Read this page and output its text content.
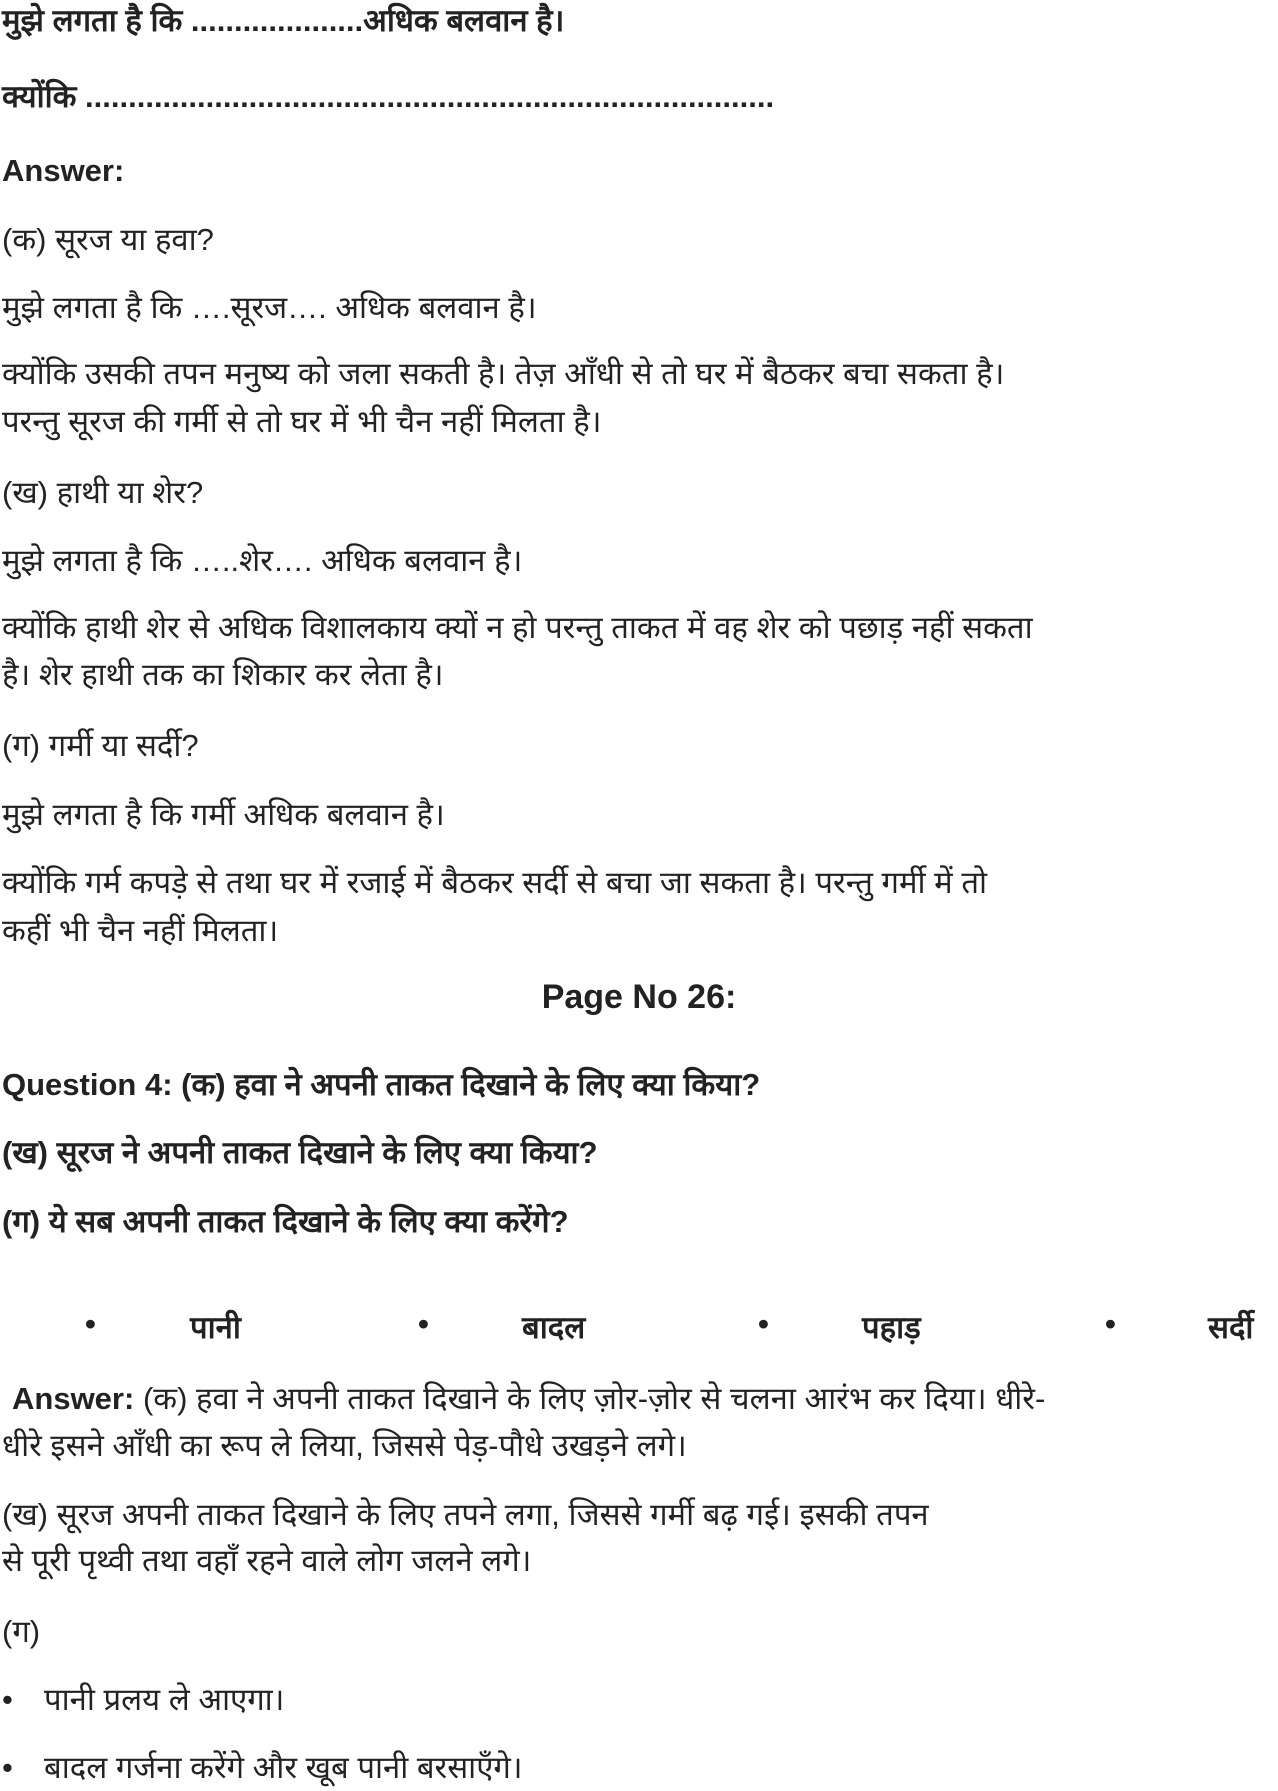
मुझे लगता है कि ....................अधिक बलवान है।
क्योंकि ................................................................................
Answer:
(क) सूरज या हवा?
मुझे लगता है कि ….सूरज…. अधिक बलवान है।
क्योंकि उसकी तपन मनुष्य को जला सकती है। तेज़ आँधी से तो घर में बैठकर बचा सकता है।
परन्तु सूरज की गर्मी से तो घर में भी चैन नहीं मिलता है।
(ख) हाथी या शेर?
मुझे लगता है कि …..शेर…. अधिक बलवान है।
क्योंकि हाथी शेर से अधिक विशालकाय क्यों न हो परन्तु ताकत में वह शेर को पछाड़ नहीं सकता
है। शेर हाथी तक का शिकार कर लेता है।
(ग) गर्मी या सर्दी?
मुझे लगता है कि गर्मी अधिक बलवान है।
क्योंकि गर्म कपड़े से तथा घर में रजाई में बैठकर सर्दी से बचा जा सकता है। परन्तु गर्मी में तो
कहीं भी चैन नहीं मिलता।
Page No 26:
Question 4: (क) हवा ने अपनी ताकत दिखाने के लिए क्या किया?
(ख) सूरज ने अपनी ताकत दिखाने के लिए क्या किया?
(ग) ये सब अपनी ताकत दिखाने के लिए क्या करेंगे?
•	पानी	•	बादल	•	पहाड़	•	सर्दी
Answer: (क) हवा ने अपनी ताकत दिखाने के लिए ज़ोर-ज़ोर से चलना आरंभ कर दिया। धीरे-
धीरे इसने आँधी का रूप ले लिया, जिससे पेड़-पौधे उखड़ने लगे।
(ख) सूरज अपनी ताकत दिखाने के लिए तपने लगा, जिससे गर्मी बढ़ गई। इसकी तपन
से पूरी पृथ्वी तथा वहाँ रहने वाले लोग जलने लगे।
(ग)
• पानी प्रलय ले आएगा।
• बादल गर्जना करेंगे और खूब पानी बरसाएँगे।
